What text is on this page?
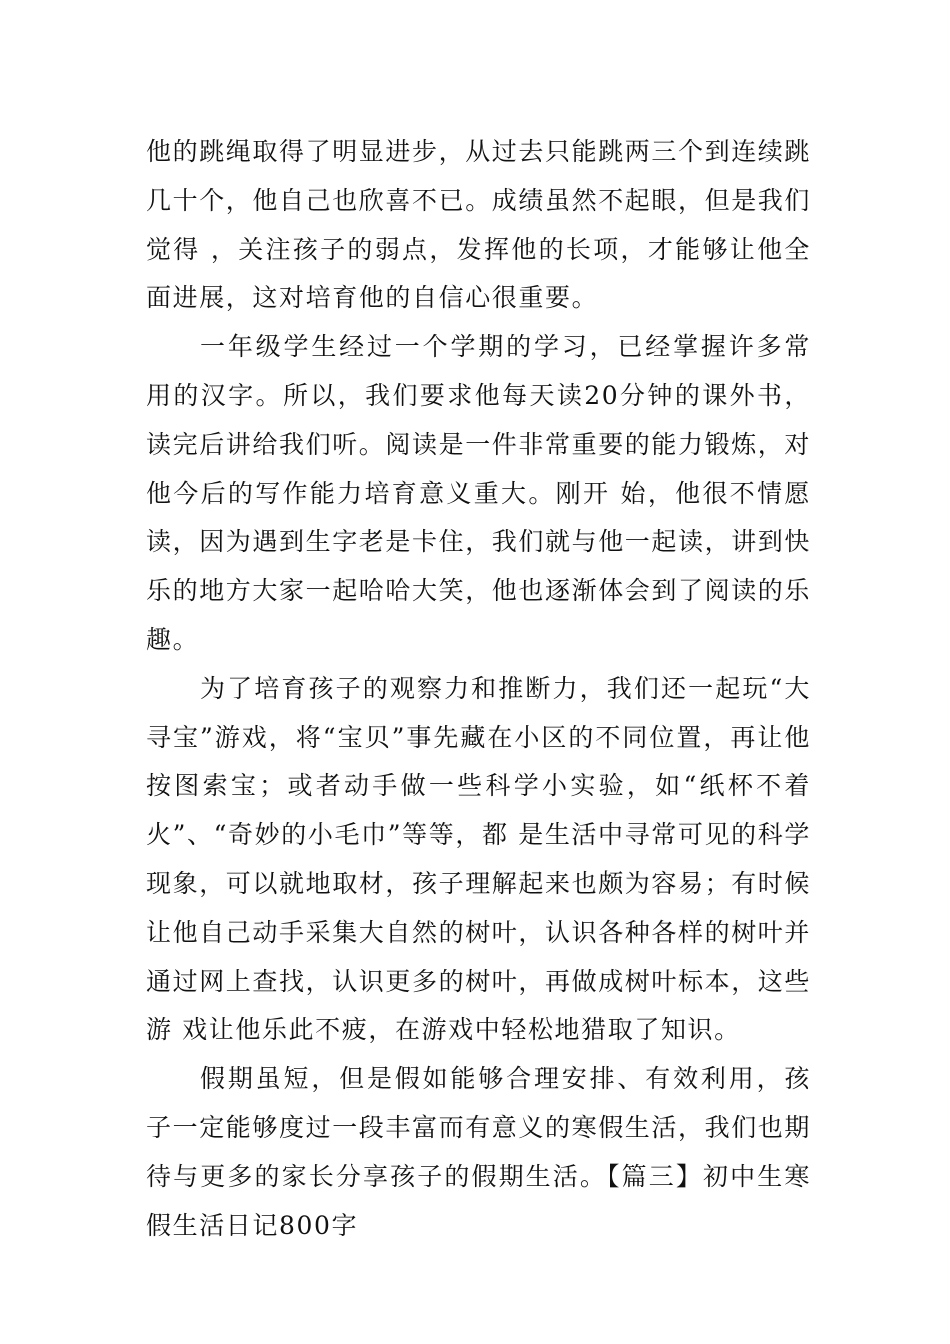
他的跳绳取得了明显进步，从过去只能跳两三个到连续跳几十个，他自己也欣喜不已。成绩虽然不起眼，但是我们觉得 ，关注孩子的弱点，发挥他的长项，才能够让他全面进展，这对培育他的自信心很重要。

一年级学生经过一个学期的学习，已经掌握许多常用的汉字。所以，我们要求他每天读20分钟的课外书，读完后讲给我们听。阅读是一件非常重要的能力锻炼，对他今后的写作能力培育意义重大。刚开 始，他很不情愿读，因为遇到生字老是卡住，我们就与他一起读，讲到快乐的地方大家一起哈哈大笑，他也逐渐体会到了阅读的乐趣。

为了培育孩子的观察力和推断力，我们还一起玩“大寻宝”游戏，将“宝贝”事先藏在小区的不同位置，再让他按图索宝；或者动手做一些科学小实验，如“纸杯不着火”、“奇妙的小毛巾”等等，都 是生活中寻常可见的科学现象，可以就地取材，孩子理解起来也颇为容易；有时候让他自己动手采集大自然的树叶，认识各种各样的树叶并通过网上查找，认识更多的树叶，再做成树叶标本，这些游 戏让他乐此不疲，在游戏中轻松地猎取了知识。

假期虽短，但是假如能够合理安排、有效利用，孩子一定能够度过一段丰富而有意义的寒假生活，我们也期待与更多的家长分享孩子的假期生活。【篇三】初中生寒假生活日记800字
